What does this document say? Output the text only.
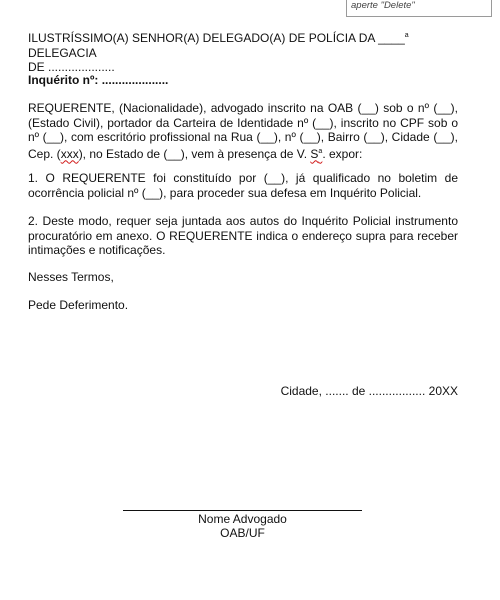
aperte "Delete"
ILUSTRÍSSIMO(A) SENHOR(A) DELEGADO(A) DE POLÍCIA DA ____$^a$ DELEGACIA
DE ....................
Inquérito nº: ....................

REQUERENTE, (Nacionalidade), advogado inscrito na OAB (__) sob o nº (__), (Estado Civil), portador da Carteira de Identidade nº (__), inscrito no CPF sob o nº (__), com escritório profissional na Rua (__), nº (__), Bairro (__), Cidade (__), Cep. (xxx), no Estado de (__), vem à presença de V. $S^a$. expor:

1. O REQUERENTE foi constituído por (__), já qualificado no boletim de ocorrência policial nº (__), para proceder sua defesa em Inquérito Policial.

2. Deste modo, requer seja juntada aos autos do Inquérito Policial instrumento procuratório em anexo. O REQUERENTE indica o endereço supra para receber intimações e notificações.

Nesses Termos,
Pede Deferimento.
Cidade, ....... de ................. 20XX
Nome Advogado
OAB/UF
